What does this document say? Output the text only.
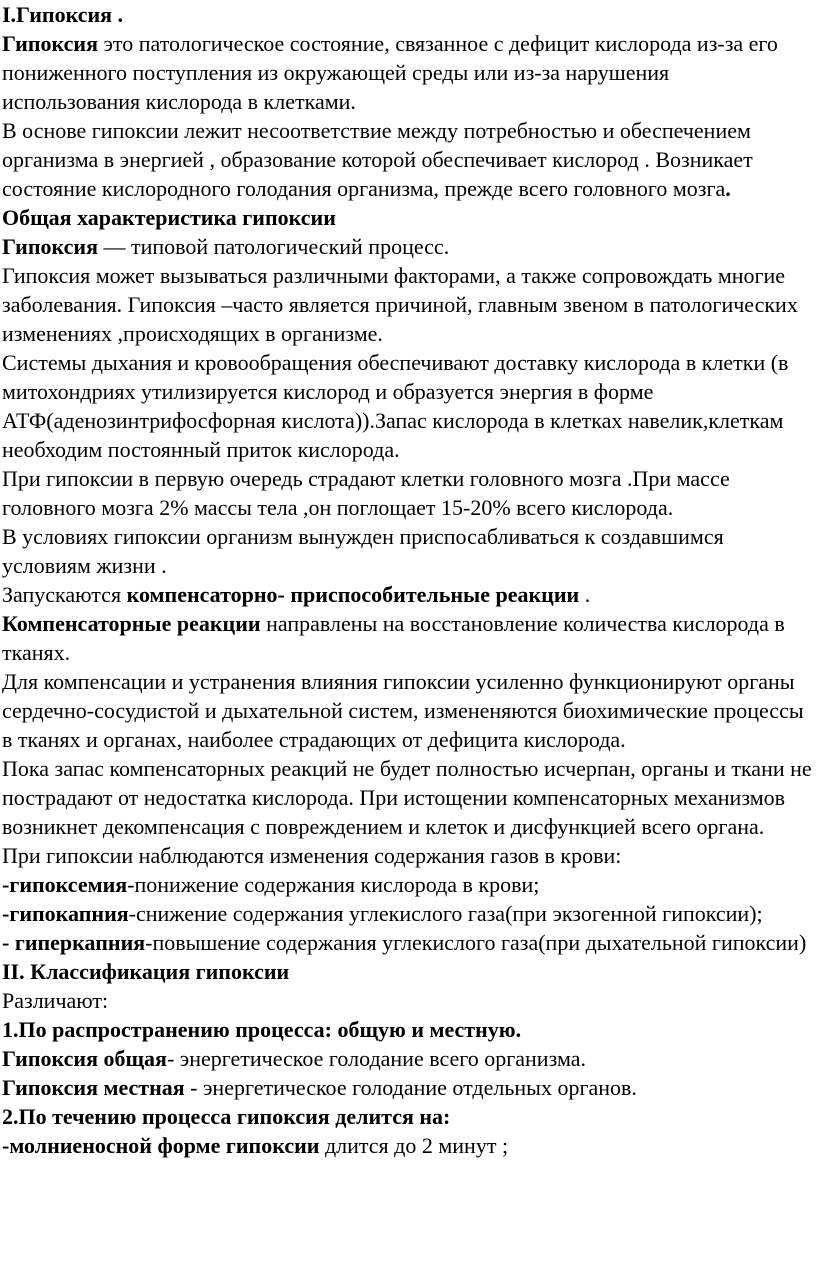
I.Гипоксия .

Гипоксия это патологическое состояние, связанное с дефицит кислорода из-за его пониженного поступления из окружающей среды или из-за нарушения использования кислорода в клетками.

В основе гипоксии лежит несоответствие между потребностью и обеспечением организма в энергией , образование которой обеспечивает кислород . Возникает состояние кислородного голодания организма, прежде всего головного мозга.

Общая характеристика гипоксии

Гипоксия — типовой патологический процесс.

Гипоксия может вызываться различными факторами, а также сопровождать многие заболевания. Гипоксия –часто является причиной, главным звеном в патологических изменениях ,происходящих в организме.

Системы дыхания и кровообращения обеспечивают доставку кислорода в клетки (в митохондриях утилизируется кислород и образуется энергия в форме АТФ(аденозинтрифосфорная кислота)).Запас кислорода в клетках навелик,клеткам необходим постоянный приток кислорода.

При гипоксии в первую очередь страдают клетки головного мозга .При массе головного мозга 2% массы тела ,он поглощает 15-20% всего кислорода.

В условиях гипоксии организм вынужден приспосабливаться к создавшимся условиям жизни .

Запускаются компенсаторно- приспособительные реакции .

Компенсаторные реакции направлены на восстановление количества кислорода в тканях.

Для компенсации и устранения влияния гипоксии усиленно функционируют органы сердечно-сосудистой и дыхательной систем, измененяются биохимические процессы в тканях и органах, наиболее страдающих от дефицита кислорода.

Пока запас компенсаторных реакций не будет полностью исчерпан, органы и ткани не пострадают от недостатка кислорода. При истощении компенсаторных механизмов возникнет декомпенсация с повреждением и клеток и дисфункцией всего органа.

При гипоксии наблюдаются изменения содержания газов в крови:

-гипоксемия-понижение содержания кислорода в крови;

-гипокапния-снижение содержания углекислого газа(при экзогенной гипоксии);

- гиперкапния-повышение содержания углекислого газа(при дыхательной гипоксии)

II. Классификация гипоксии

Различают:

1.По распространению процесса: общую и местную.

Гипоксия общая- энергетическое голодание всего организма.

Гипоксия местная - энергетическое голодание отдельных органов.

2.По течению процесса гипоксия делится на:

-молниеносной форме гипоксии длится до 2 минут ;
